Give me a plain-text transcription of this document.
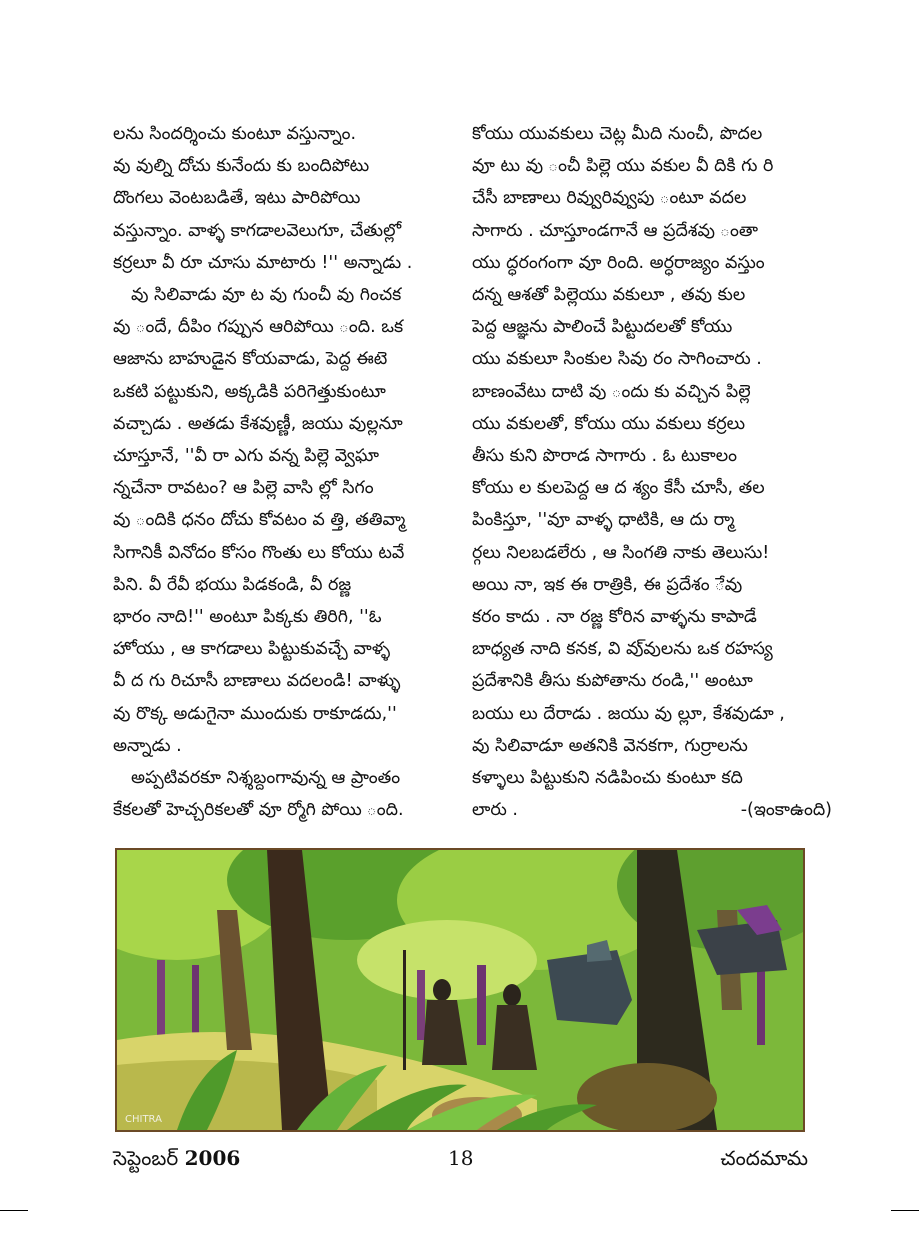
లను సిందర్శించు కుంటూ వస్తున్నాం.
వు వుల్ని దోచు కునేందు కు బందిపోటు
దొంగలు వెంటబడితే, ఇటు పారిపోయి
వస్తున్నాం. వాళ్ళ కాగడాలవెలుగూ, చేతుల్లో
కర్రలూ వీ రూ చూసు మాటారు !'' అన్నాడు .
వు సిలివాడు వూ ట వు గుంచీ వు గించక
వు ందే, దీపిం గప్పున ఆరిపోయి ంది. ఒక
ఆజాను బాహుడైన కోయవాడు, పెద్ద ఈటె
ఒకటి పట్టుకుని, అక్కడికి పరిగెత్తుకుంటూ
వచ్చాడు . అతడు కేశవుణ్ణీ, జయు వుల్లనూ
చూస్తూనే, ''వీ రా ఎగు వన్న పిల్లె వ్వెఘా
న్నచేనా రావటం? ఆ పిల్లె వాసి ల్లో సిగం
వు ందికి ధనం దోచు కోవటం వ త్తి, తతివ్మా
సిగానికీ వినోదం కోసం గొంతు లు కోయు టవే
పిని. వీ రేవీ భయు పిడకండి, వీ రజ్ణ
భారం నాది!'' అంటూ పిక్కకు తిరిగి, ''ఓ
హోయు , ఆ కాగడాలు పిట్టుకువచ్చే వాళ్ళ
వీ ద గు రిచూసీ బాణాలు వదలండి! వాళ్ళు
వు రొక్క అడుగైనా ముందుకు రాకూడదు,''
అన్నాడు .
అప్పటివరకూ నిశ్శబ్దంగావున్న ఆ ప్రాంతం
కేకలతో హెచ్చరికలతో వూ ర్మోగి పోయి ంది.
కోయు యువకులు చెట్ల మీది నుంచీ, పొదల
వూ టు వు ంచీ పిల్లె యు వకుల వీ దికి గు రి
చేసీ బాణాలు రివ్వురివ్వుపు ంటూ వదల
సాగారు . చూస్తూండగానే ఆ ప్రదేశవు ంతా
యు ద్ధరంగంగా వూ రింది. అర్ధరాజ్యం వస్తుం
దన్న ఆశతో పిల్లెయు వకులూ , తవు కుల
పెద్ద ఆజ్ఞను పాలించే పిట్టుదలతో కోయు
యు వకులూ సింకుల సివు రం సాగించారు .
బాణంవేటు దాటి వు ందు కు వచ్చిన పిల్లె
యు వకులతో, కోయు యు వకులు కర్రలు
తీసు కుని పొరాడ సాగారు . ఓ టుకాలం
కోయు ల కులపెద్ద ఆ ద శ్యం కేసీ చూసీ, తల
పింకిస్తూ, ''వూ వాళ్ళ ధాటికి, ఆ దు ర్మా
ర్గలు నిలబడలేరు , ఆ సింగతి నాకు తెలుసు!
అయి నా, ఇక ఈ రాత్రికి, ఈ ప్రదేశం ేవు
కరం కాదు . నా రజ్ణ కోరిన వాళ్ళను కాపాడే
బాధ్యత నాది కనక, వి వు్వులను ఒక రహస్య
ప్రదేశానికి తీసు కుపోతాను రండి,'' అంటూ
బయు లు దేరాడు . జయు వు ల్లూ, కేశవుడూ ,
వు సిలివాడూ అతనికి వెనకగా, గుర్రాలను
కళ్ళాలు పిట్టుకుని నడిపించు కుంటూ కది
లారు .	-(ఇంకాఉంది)
CHITRA
సెప్టెంబర్ 2006	18	చందమామ
